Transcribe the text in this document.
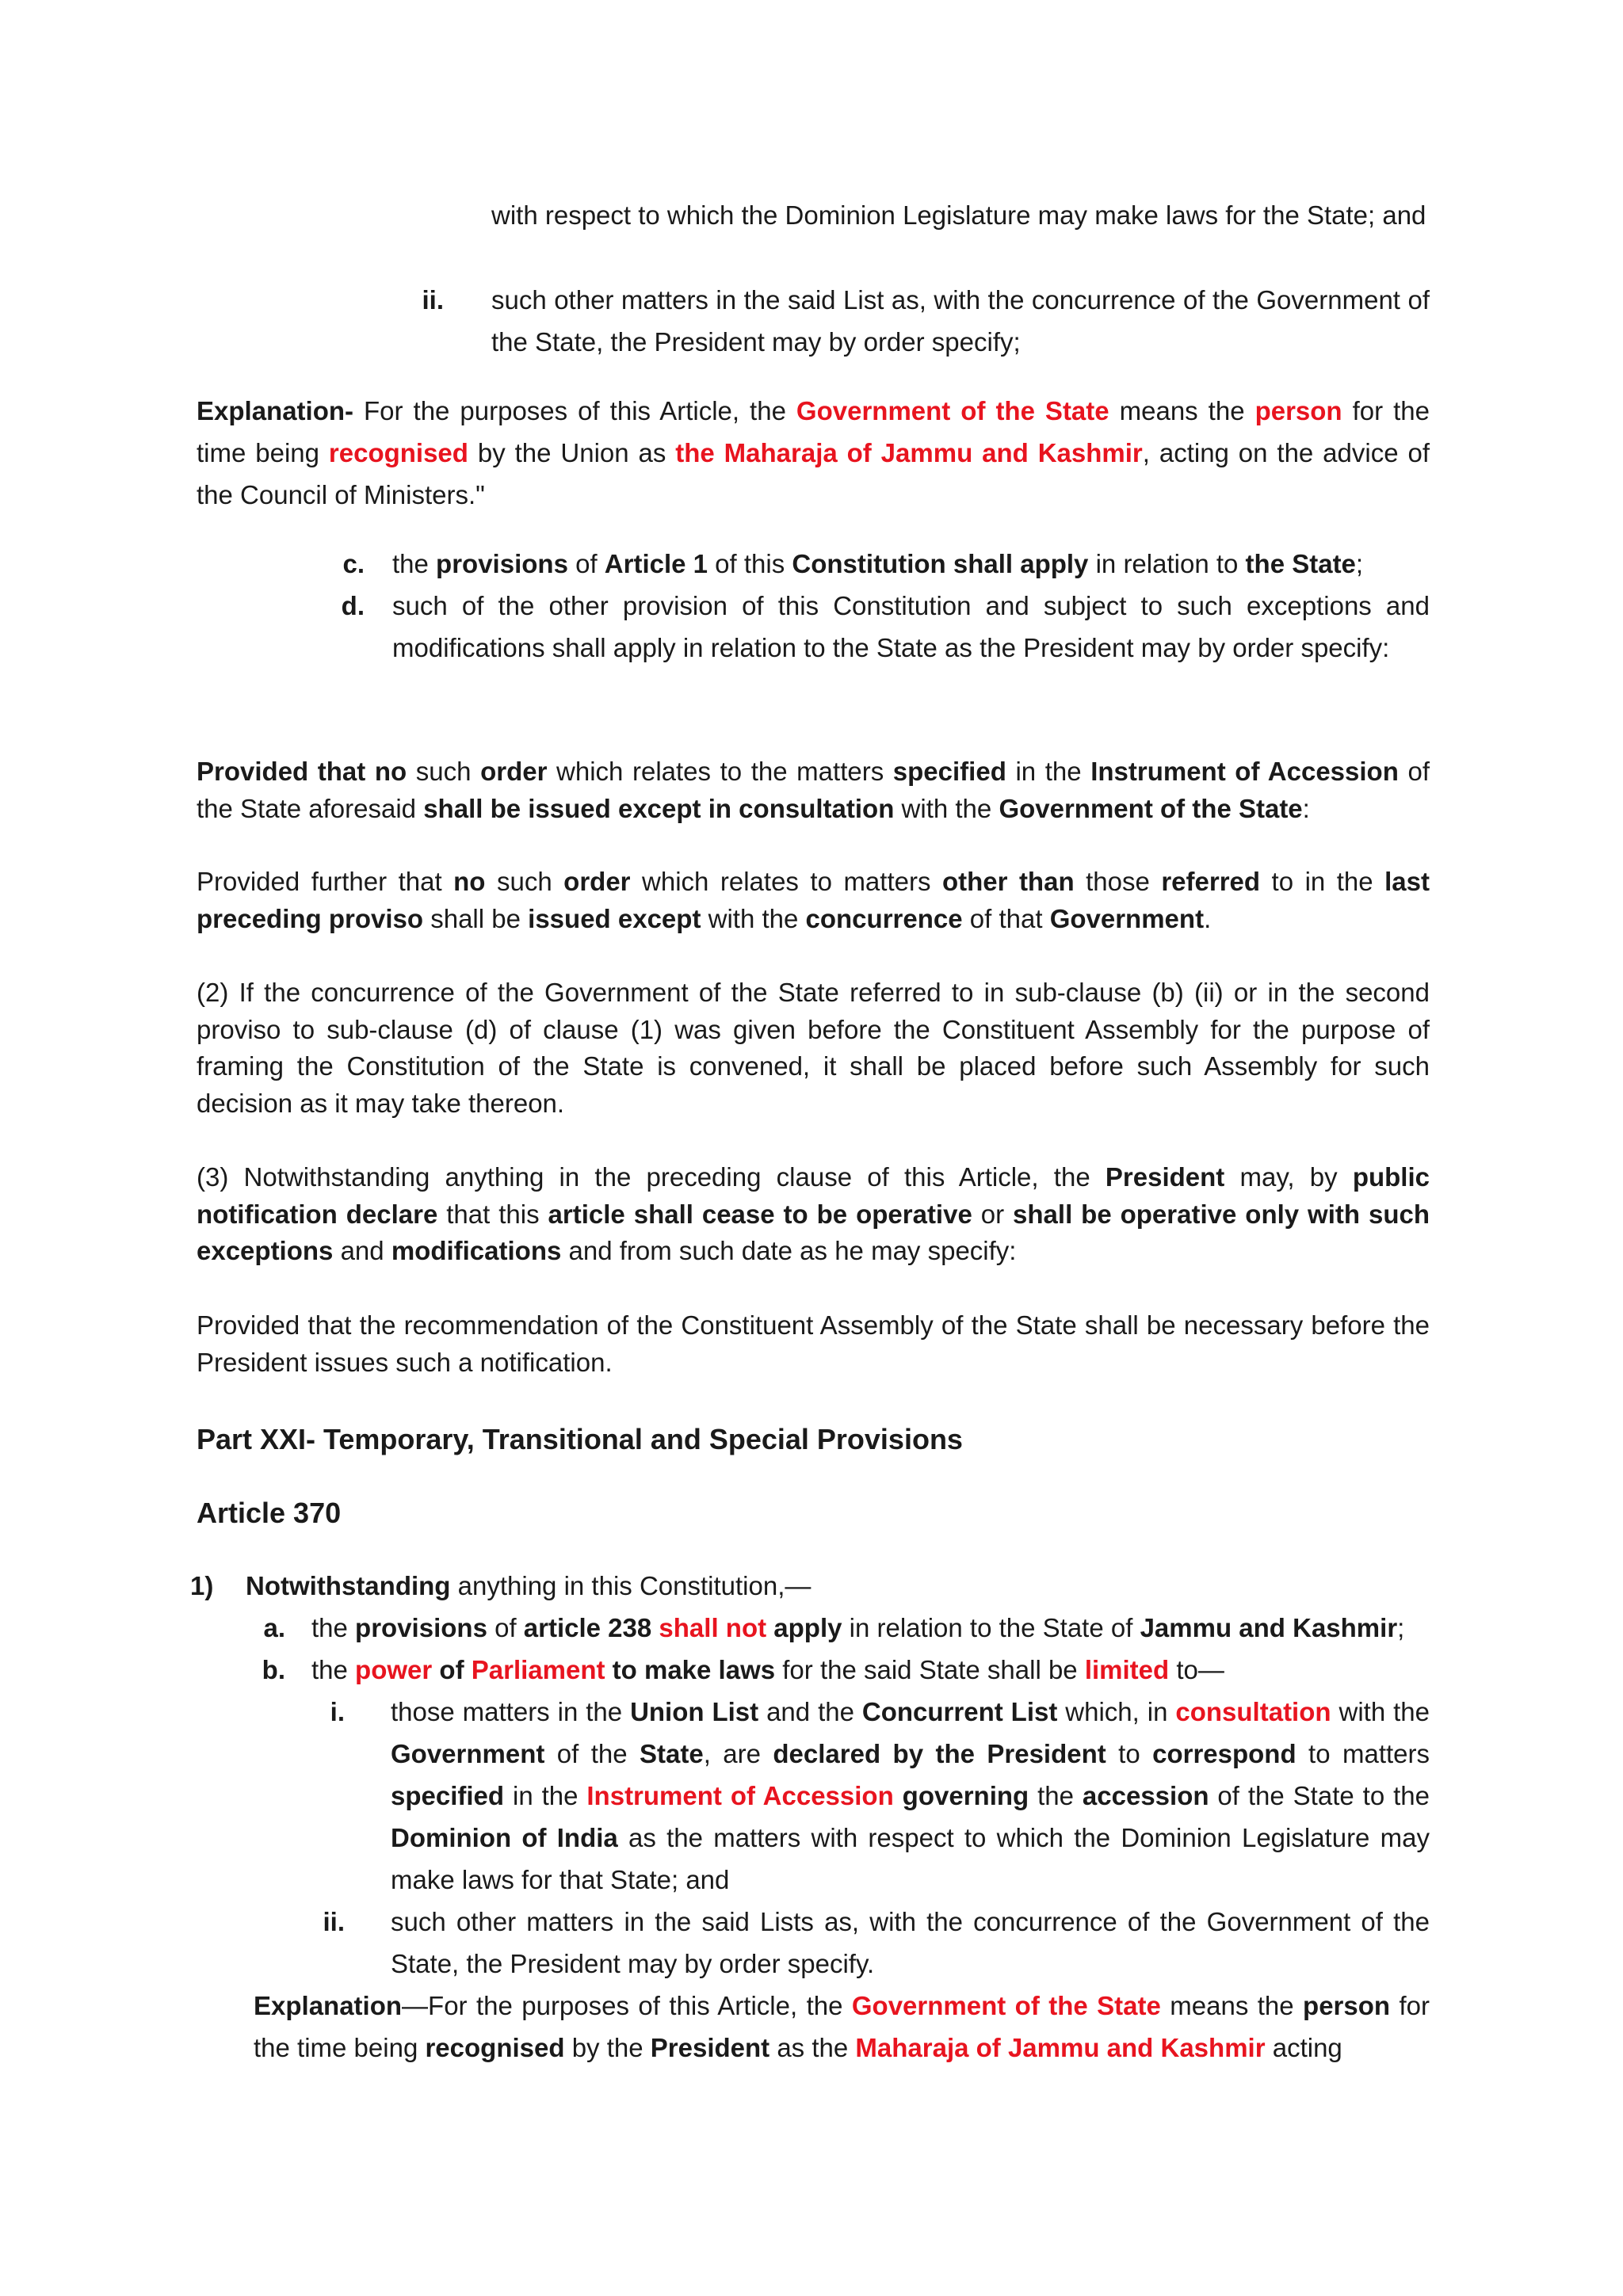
with respect to which the Dominion Legislature may make laws for the State; and
ii. such other matters in the said List as, with the concurrence of the Government of the State, the President may by order specify;
Explanation- For the purposes of this Article, the Government of the State means the person for the time being recognised by the Union as the Maharaja of Jammu and Kashmir, acting on the advice of the Council of Ministers."
c. the provisions of Article 1 of this Constitution shall apply in relation to the State;
d. such of the other provision of this Constitution and subject to such exceptions and modifications shall apply in relation to the State as the President may by order specify:
Provided that no such order which relates to the matters specified in the Instrument of Accession of the State aforesaid shall be issued except in consultation with the Government of the State:
Provided further that no such order which relates to matters other than those referred to in the last preceding proviso shall be issued except with the concurrence of that Government.
(2) If the concurrence of the Government of the State referred to in sub-clause (b) (ii) or in the second proviso to sub-clause (d) of clause (1) was given before the Constituent Assembly for the purpose of framing the Constitution of the State is convened, it shall be placed before such Assembly for such decision as it may take thereon.
(3) Notwithstanding anything in the preceding clause of this Article, the President may, by public notification declare that this article shall cease to be operative or shall be operative only with such exceptions and modifications and from such date as he may specify:
Provided that the recommendation of the Constituent Assembly of the State shall be necessary before the President issues such a notification.
Part XXI- Temporary, Transitional and Special Provisions
Article 370
1)	Notwithstanding anything in this Constitution,—
a. the provisions of article 238 shall not apply in relation to the State of Jammu and Kashmir;
b. the power of Parliament to make laws for the said State shall be limited to—
i. those matters in the Union List and the Concurrent List which, in consultation with the Government of the State, are declared by the President to correspond to matters specified in the Instrument of Accession governing the accession of the State to the Dominion of India as the matters with respect to which the Dominion Legislature may make laws for that State; and
ii. such other matters in the said Lists as, with the concurrence of the Government of the State, the President may by order specify.
Explanation—For the purposes of this Article, the Government of the State means the person for the time being recognised by the President as the Maharaja of Jammu and Kashmir acting
